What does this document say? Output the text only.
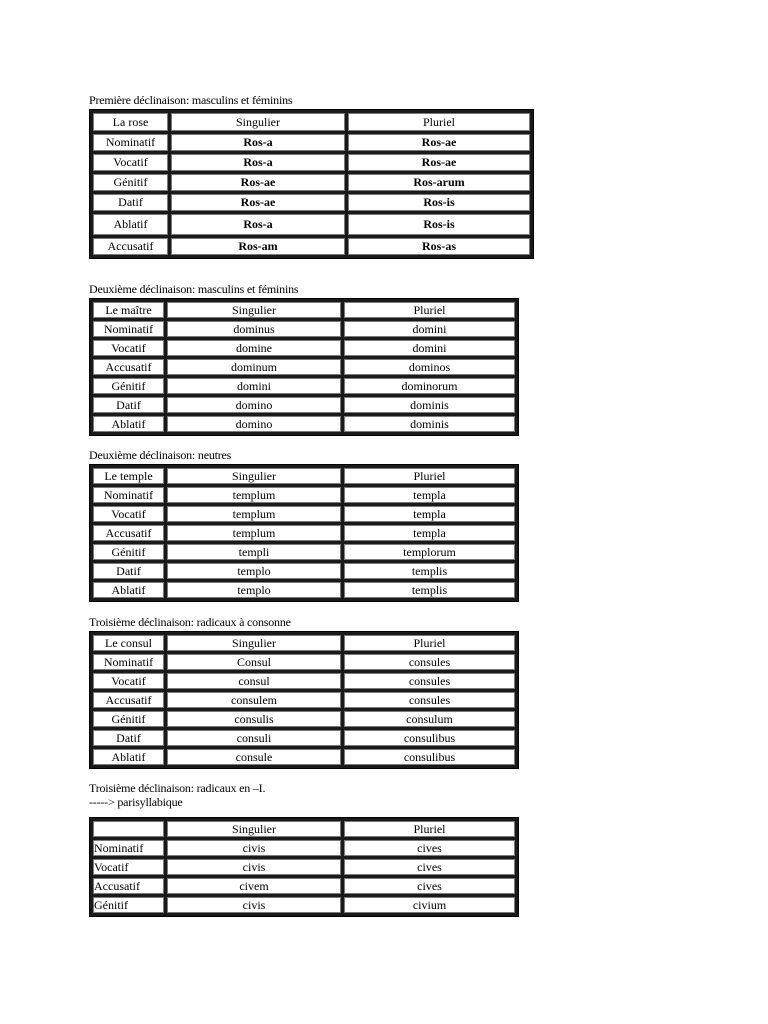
Première déclinaison: masculins et féminins
La rose	Singulier	Pluriel
Nominatif	Ros-a	Ros-ae
Vocatif	Ros-a	Ros-ae
Génitif	Ros-ae	Ros-arum
Datif	Ros-ae	Ros-is
Ablatif	Ros-a	Ros-is
Accusatif	Ros-am	Ros-as
Deuxième déclinaison: masculins et féminins
Le maître	Singulier	Pluriel
Nominatif	dominus	domini
Vocatif	domine	domini
Accusatif	dominum	dominos
Génitif	domini	dominorum
Datif	domino	dominis
Ablatif	domino	dominis
Deuxième déclinaison: neutres
Le temple	Singulier	Pluriel
Nominatif	templum	templa
Vocatif	templum	templa
Accusatif	templum	templa
Génitif	templi	templorum
Datif	templo	templis
Ablatif	templo	templis
Troisième déclinaison: radicaux à consonne
Le consul	Singulier	Pluriel
Nominatif	Consul	consules
Vocatif	consul	consules
Accusatif	consulem	consules
Génitif	consulis	consulum
Datif	consuli	consulibus
Ablatif	consule	consulibus
Troisième déclinaison: radicaux en –I.
-----> parisyllabique
	Singulier	Pluriel
Nominatif	civis	cives
Vocatif	civis	cives
Accusatif	civem	cives
Génitif	civis	civium
